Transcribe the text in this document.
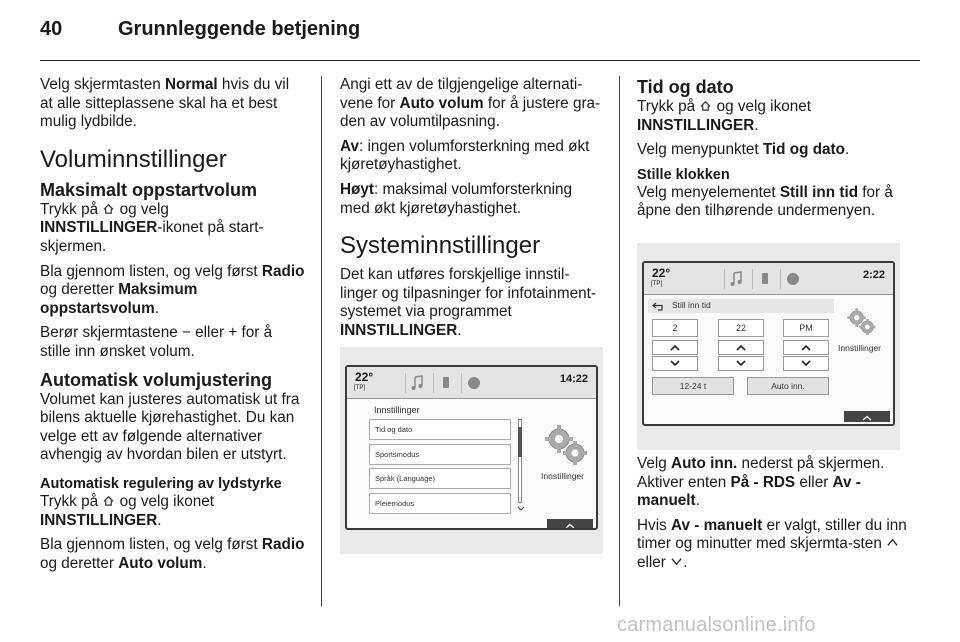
40	Grunnleggende betjening

Velg skjermtasten Normal hvis du vil at alle sitteplassene skal ha et best mulig lydbilde.

Voluminnstillinger
Maksimalt oppstartvolum

Trykk på  og velg

INNSTILLINGER-ikonet på start-skjermen.

Bla gjennom listen, og velg først Radio og deretter Maksimum oppstartsvolum.

Berør skjermtastene − eller + for å stille inn ønsket volum.

Automatisk volumjustering

Volumet kan justeres automatisk ut fra bilens aktuelle kjørehastighet. Du kan velge ett av følgende alternativer avhengig av hvordan bilen er utstyrt.

Automatisk regulering av lydstyrke

Trykk på  og velg ikonet

INNSTILLINGER.

Bla gjennom listen, og velg først Radio og deretter Auto volum.

Angi ett av de tilgjengelige alternati-vene for Auto volum for å justere gra-den av volumtilpasning.

Av: ingen volumforsterkning med økt kjøretøyhastighet.

Høyt: maksimal volumforsterkning med økt kjøretøyhastighet.

Systeminnstillinger

Det kan utføres forskjellige innstil-linger og tilpasninger for infotainment-systemet via programmet INNSTILLINGER.

22°
[TP]
14:22
Innstillinger
Tid og dato
Sportsmodus
Språk (Language)
Pleiemodus
Innstillinger
Tid og dato

Trykk på  og velg ikonet

INNSTILLINGER.

Velg menypunktet Tid og dato.

Stille klokken

Velg menyelementet Still inn tid for å åpne den tilhørende undermenyen.

Velg Auto inn. nederst på skjermen.

Aktiver enten På - RDS eller Av - manuelt.

Hvis Av - manuelt er valgt, stiller du inn timer og minutter med skjermta-sten  eller .

22°
[TP]
2:22
Still inn tid
2	22	PM
12-24 t	Auto inn.
Innstillinger
carmanualsonline.info
